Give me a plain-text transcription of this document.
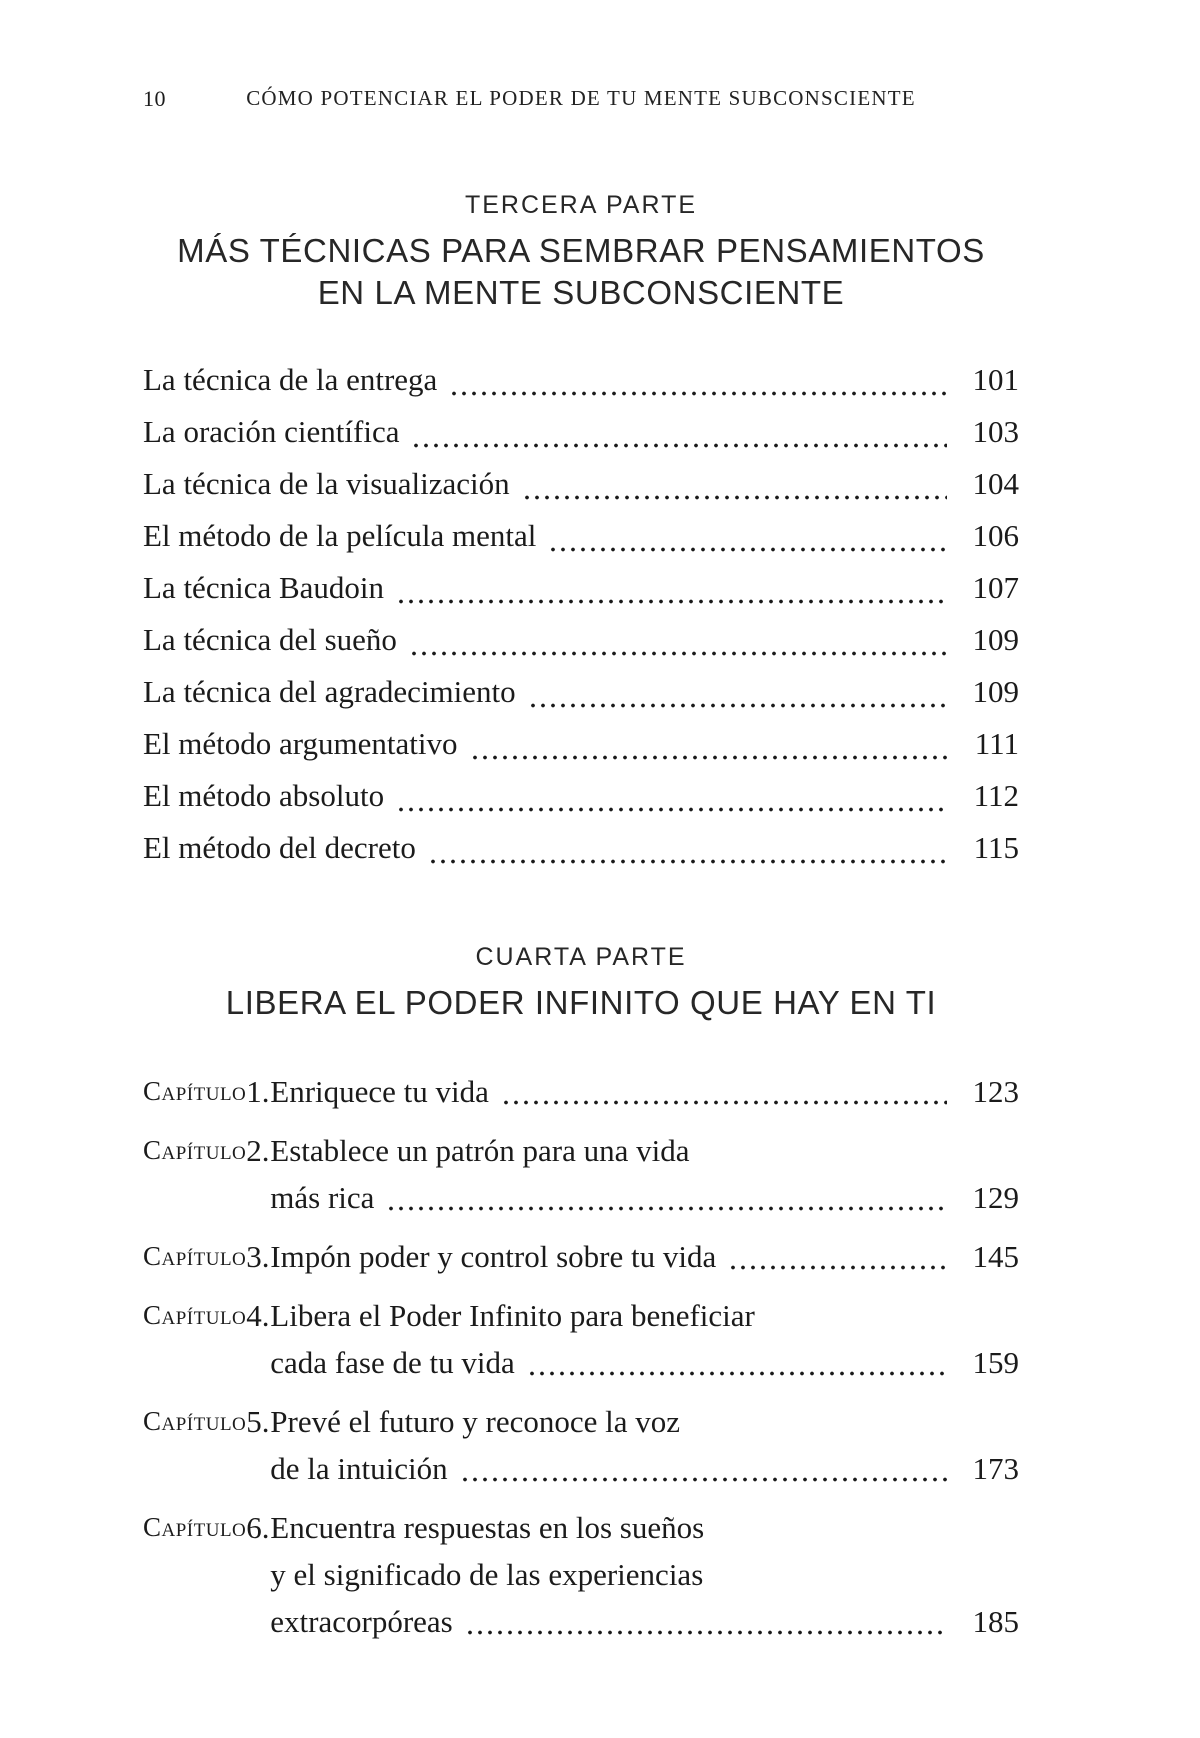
10	CÓMO POTENCIAR EL PODER DE TU MENTE SUBCONSCIENTE
TERCERA PARTE
MÁS TÉCNICAS PARA SEMBRAR PENSAMIENTOS
EN LA MENTE SUBCONSCIENTE
La técnica de la entrega	101
La oración científica	103
La técnica de la visualización	104
El método de la película mental	106
La técnica Baudoin	107
La técnica del sueño	109
La técnica del agradecimiento	109
El método argumentativo	111
El método absoluto	112
El método del decreto	115
CUARTA PARTE
LIBERA EL PODER INFINITO QUE HAY EN TI
Capítulo 1. Enriquece tu vida	123
Capítulo 2. Establece un patrón para una vida
más rica	129
Capítulo 3. Impón poder y control sobre tu vida	145
Capítulo 4. Libera el Poder Infinito para beneficiar
cada fase de tu vida	159
Capítulo 5. Prevé el futuro y reconoce la voz
de la intuición	173
Capítulo 6. Encuentra respuestas en los sueños
y el significado de las experiencias
extracorpóreas	185
